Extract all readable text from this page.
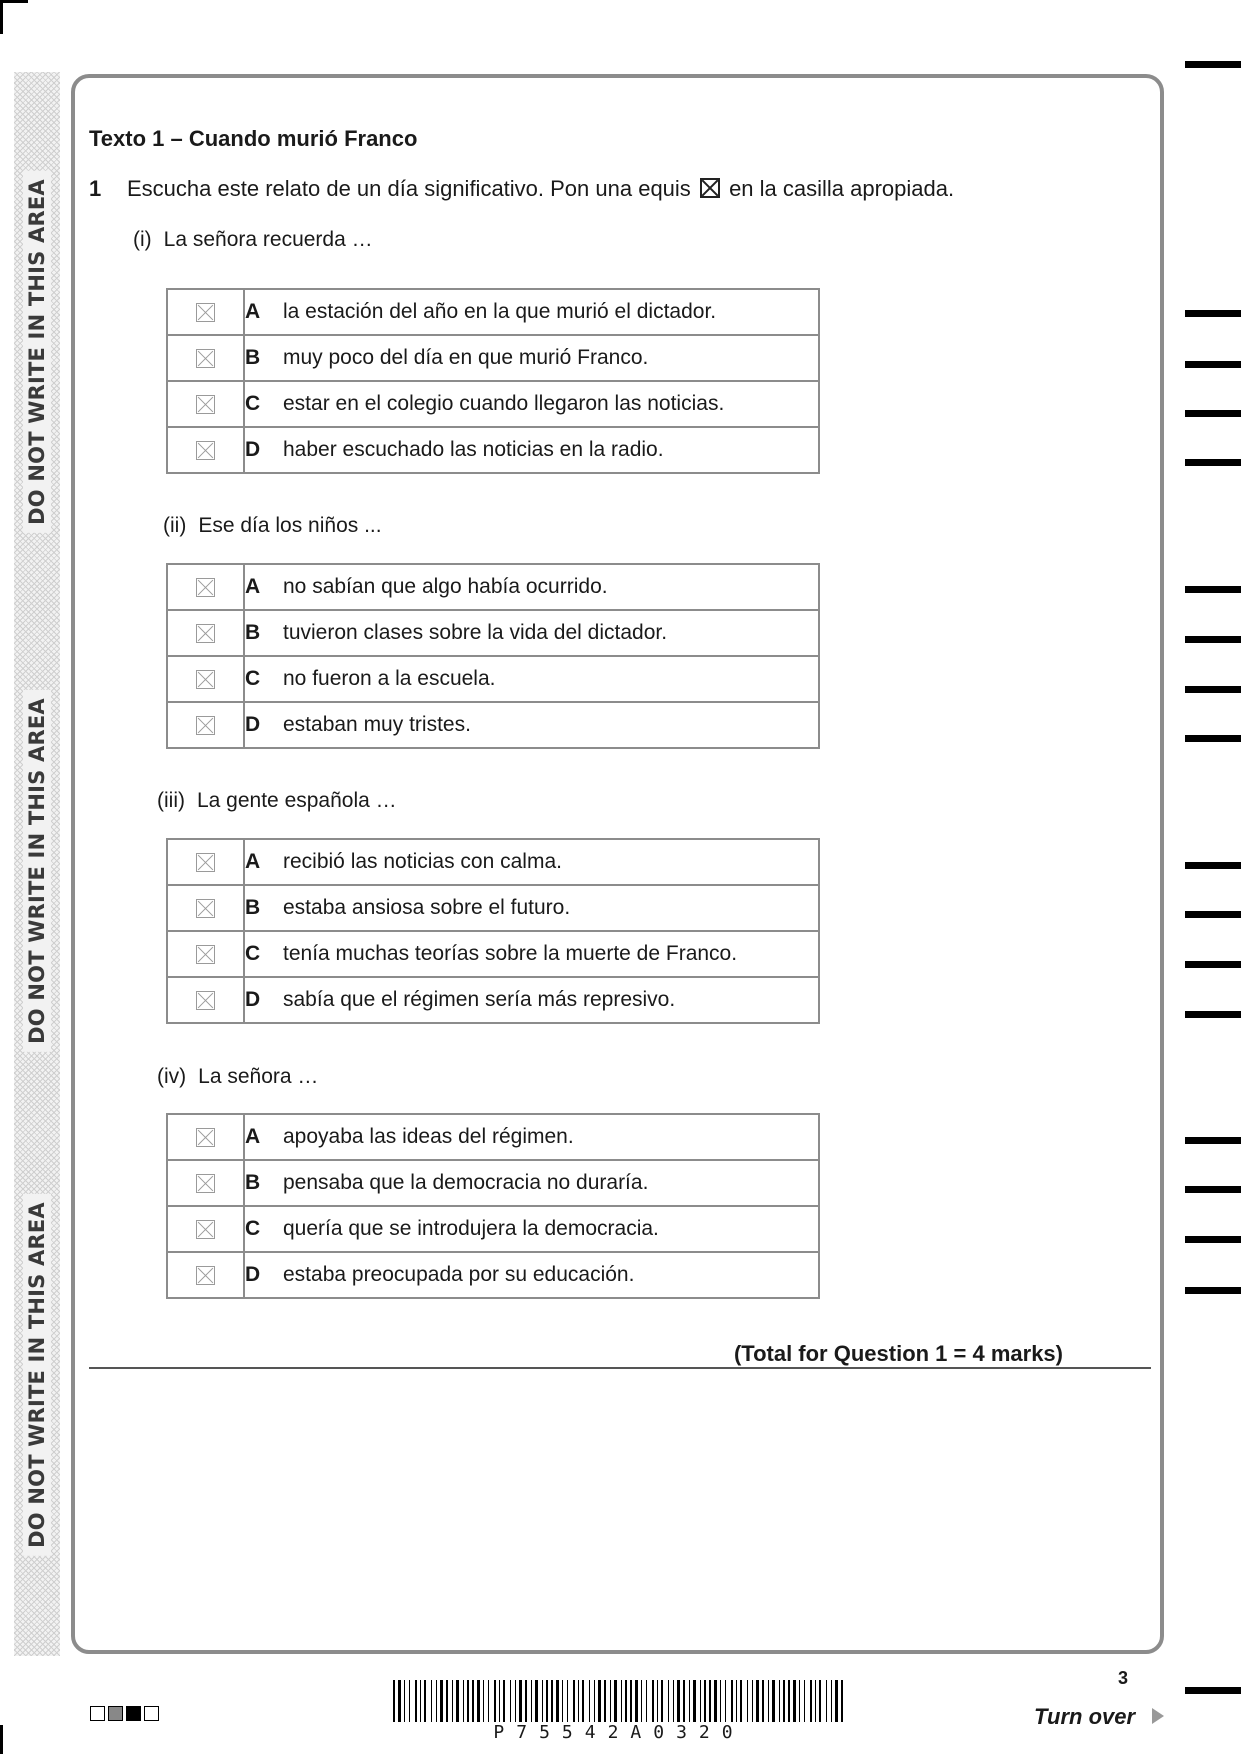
DO NOT WRITE IN THIS AREA
DO NOT WRITE IN THIS AREA
DO NOT WRITE IN THIS AREA
Texto 1 – Cuando murió Franco
1 Escucha este relato de un día significativo. Pon una equis ☒ en la casilla apropiada.
(i) La señora recuerda …
	A la estación del año en la que murió el dictador.
	B muy poco del día en que murió Franco.
	C estar en el colegio cuando llegaron las noticias.
	D haber escuchado las noticias en la radio.
(ii) Ese día los niños ...
	A no sabían que algo había ocurrido.
	B tuvieron clases sobre la vida del dictador.
	C no fueron a la escuela.
	D estaban muy tristes.
(iii) La gente española …
	A recibió las noticias con calma.
	B estaba ansiosa sobre el futuro.
	C tenía muchas teorías sobre la muerte de Franco.
	D sabía que el régimen sería más represivo.
(iv) La señora …
	A apoyaba las ideas del régimen.
	B pensaba que la democracia no duraría.
	C quería que se introdujera la democracia.
	D estaba preocupada por su educación.
(Total for Question 1 = 4 marks)
P75542A0320
3
Turn over
